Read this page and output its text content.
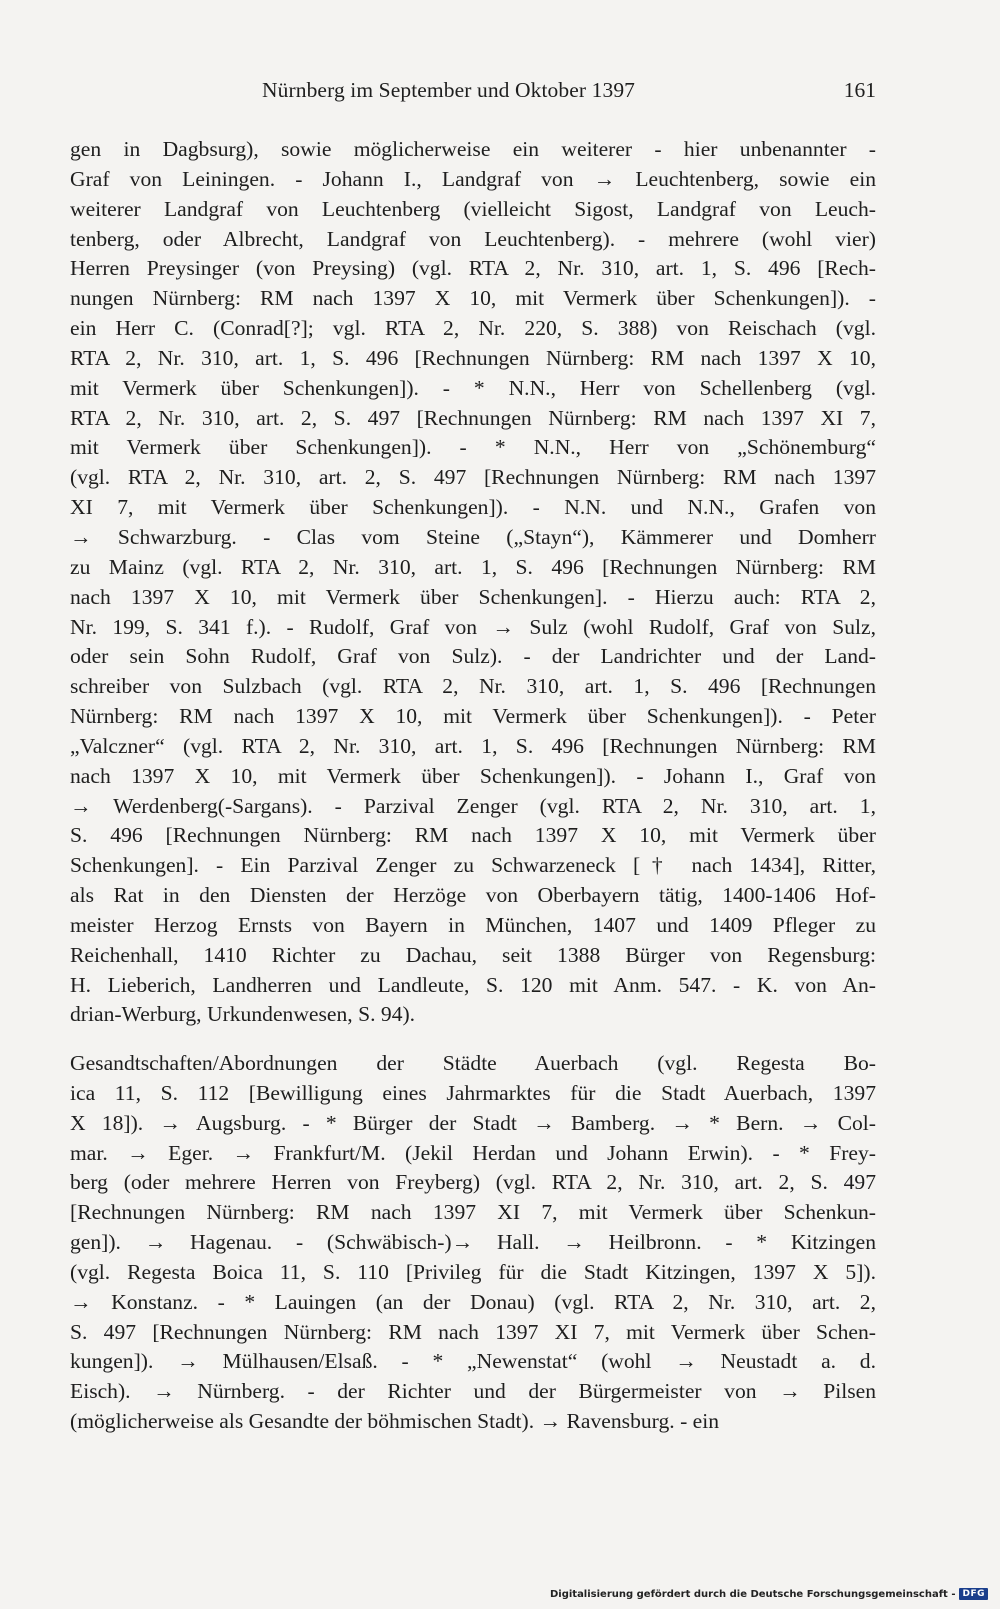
Nürnberg im September und Oktober 1397	161
gen in Dagbsurg), sowie möglicherweise ein weiterer - hier unbenannter -
Graf von Leiningen. - Johann I., Landgraf von → Leuchtenberg, sowie ein
weiterer Landgraf von Leuchtenberg (vielleicht Sigost, Landgraf von Leuch-
tenberg, oder Albrecht, Landgraf von Leuchtenberg). - mehrere (wohl vier)
Herren Preysinger (von Preysing) (vgl. RTA 2, Nr. 310, art. 1, S. 496 [Rech-
nungen Nürnberg: RM nach 1397 X 10, mit Vermerk über Schenkungen]). -
ein Herr C. (Conrad[?]; vgl. RTA 2, Nr. 220, S. 388) von Reischach (vgl.
RTA 2, Nr. 310, art. 1, S. 496 [Rechnungen Nürnberg: RM nach 1397 X 10,
mit Vermerk über Schenkungen]). - * N.N., Herr von Schellenberg (vgl.
RTA 2, Nr. 310, art. 2, S. 497 [Rechnungen Nürnberg: RM nach 1397 XI 7,
mit Vermerk über Schenkungen]). - * N.N., Herr von „Schönemburg“
(vgl. RTA 2, Nr. 310, art. 2, S. 497 [Rechnungen Nürnberg: RM nach 1397
XI 7, mit Vermerk über Schenkungen]). - N.N. und N.N., Grafen von
→ Schwarzburg. - Clas vom Steine („Stayn“), Kämmerer und Domherr
zu Mainz (vgl. RTA 2, Nr. 310, art. 1, S. 496 [Rechnungen Nürnberg: RM
nach 1397 X 10, mit Vermerk über Schenkungen]. - Hierzu auch: RTA 2,
Nr. 199, S. 341 f.). - Rudolf, Graf von → Sulz (wohl Rudolf, Graf von Sulz,
oder sein Sohn Rudolf, Graf von Sulz). - der Landrichter und der Land-
schreiber von Sulzbach (vgl. RTA 2, Nr. 310, art. 1, S. 496 [Rechnungen
Nürnberg: RM nach 1397 X 10, mit Vermerk über Schenkungen]). - Peter
„Valczner“ (vgl. RTA 2, Nr. 310, art. 1, S. 496 [Rechnungen Nürnberg: RM
nach 1397 X 10, mit Vermerk über Schenkungen]). - Johann I., Graf von
→ Werdenberg(-Sargans). - Parzival Zenger (vgl. RTA 2, Nr. 310, art. 1,
S. 496 [Rechnungen Nürnberg: RM nach 1397 X 10, mit Vermerk über
Schenkungen]. - Ein Parzival Zenger zu Schwarzeneck [† nach 1434], Ritter,
als Rat in den Diensten der Herzöge von Oberbayern tätig, 1400-1406 Hof-
meister Herzog Ernsts von Bayern in München, 1407 und 1409 Pfleger zu
Reichenhall, 1410 Richter zu Dachau, seit 1388 Bürger von Regensburg:
H. Lieberich, Landherren und Landleute, S. 120 mit Anm. 547. - K. von An-
drian-Werburg, Urkundenwesen, S. 94).
Gesandtschaften/Abordnungen der Städte Auerbach (vgl. Regesta Bo-
ica 11, S. 112 [Bewilligung eines Jahrmarktes für die Stadt Auerbach, 1397
X 18]). → Augsburg. - * Bürger der Stadt → Bamberg. → * Bern. → Col-
mar. → Eger. → Frankfurt/M. (Jekil Herdan und Johann Erwin). - * Frey-
berg (oder mehrere Herren von Freyberg) (vgl. RTA 2, Nr. 310, art. 2, S. 497
[Rechnungen Nürnberg: RM nach 1397 XI 7, mit Vermerk über Schenkun-
gen]). → Hagenau. - (Schwäbisch-)→ Hall. → Heilbronn. - * Kitzingen
(vgl. Regesta Boica 11, S. 110 [Privileg für die Stadt Kitzingen, 1397 X 5]).
→ Konstanz. - * Lauingen (an der Donau) (vgl. RTA 2, Nr. 310, art. 2,
S. 497 [Rechnungen Nürnberg: RM nach 1397 XI 7, mit Vermerk über Schen-
kungen]). → Mülhausen/Elsaß. - * „Newenstat“ (wohl → Neustadt a. d.
Eisch). → Nürnberg. - der Richter und der Bürgermeister von → Pilsen
(möglicherweise als Gesandte der böhmischen Stadt). → Ravensburg. - ein
Digitalisierung gefördert durch die Deutsche Forschungsgemeinschaft - DFG
